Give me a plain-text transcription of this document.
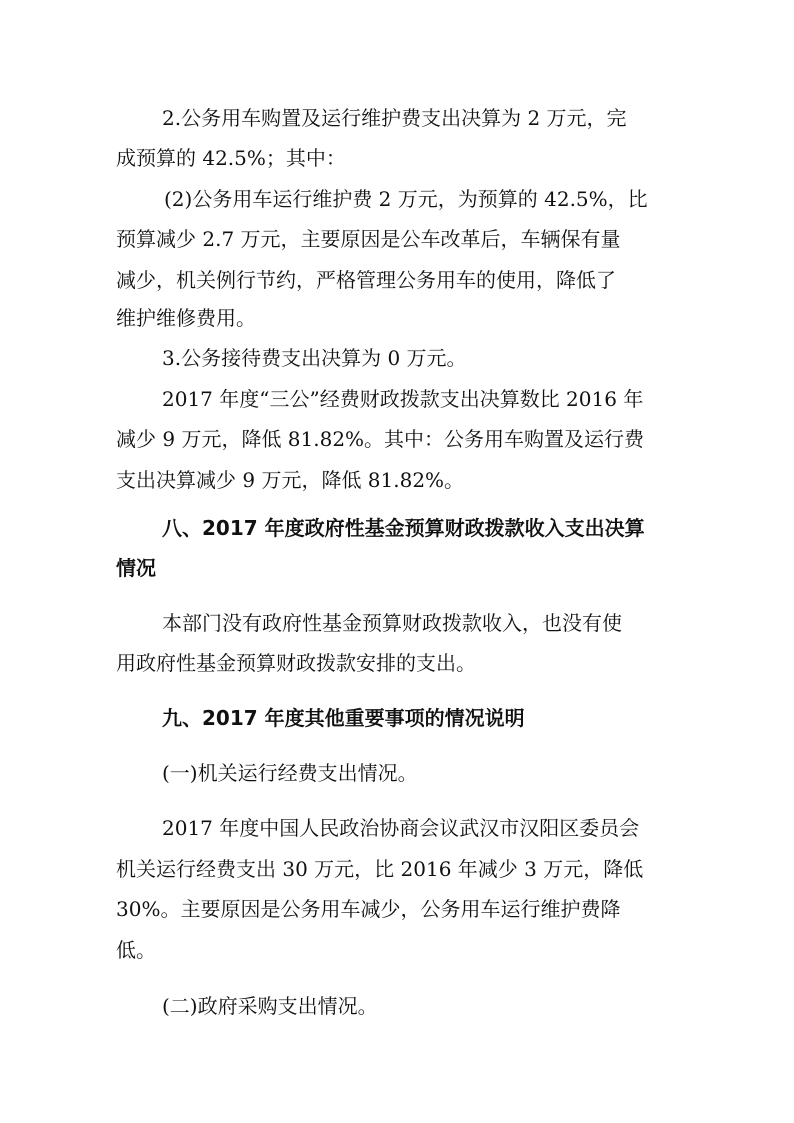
2.公务用车购置及运行维护费支出决算为 2 万元，完
成预算的 42.5%；其中：
(2)公务用车运行维护费 2 万元，为预算的 42.5%，比
预算减少 2.7 万元，主要原因是公车改革后，车辆保有量
减少，机关例行节约，严格管理公务用车的使用，降低了
维护维修费用。
3.公务接待费支出决算为 0 万元。
2017 年度“三公”经费财政拨款支出决算数比 2016 年
减少 9 万元，降低 81.82%。其中：公务用车购置及运行费
支出决算减少 9 万元，降低 81.82%。
八、2017 年度政府性基金预算财政拨款收入支出决算
情况
本部门没有政府性基金预算财政拨款收入，也没有使
用政府性基金预算财政拨款安排的支出。
九、2017 年度其他重要事项的情况说明
(一)机关运行经费支出情况。
2017 年度中国人民政治协商会议武汉市汉阳区委员会
机关运行经费支出 30 万元，比 2016 年减少 3 万元，降低
30%。主要原因是公务用车减少，公务用车运行维护费降
低。
(二)政府采购支出情况。
